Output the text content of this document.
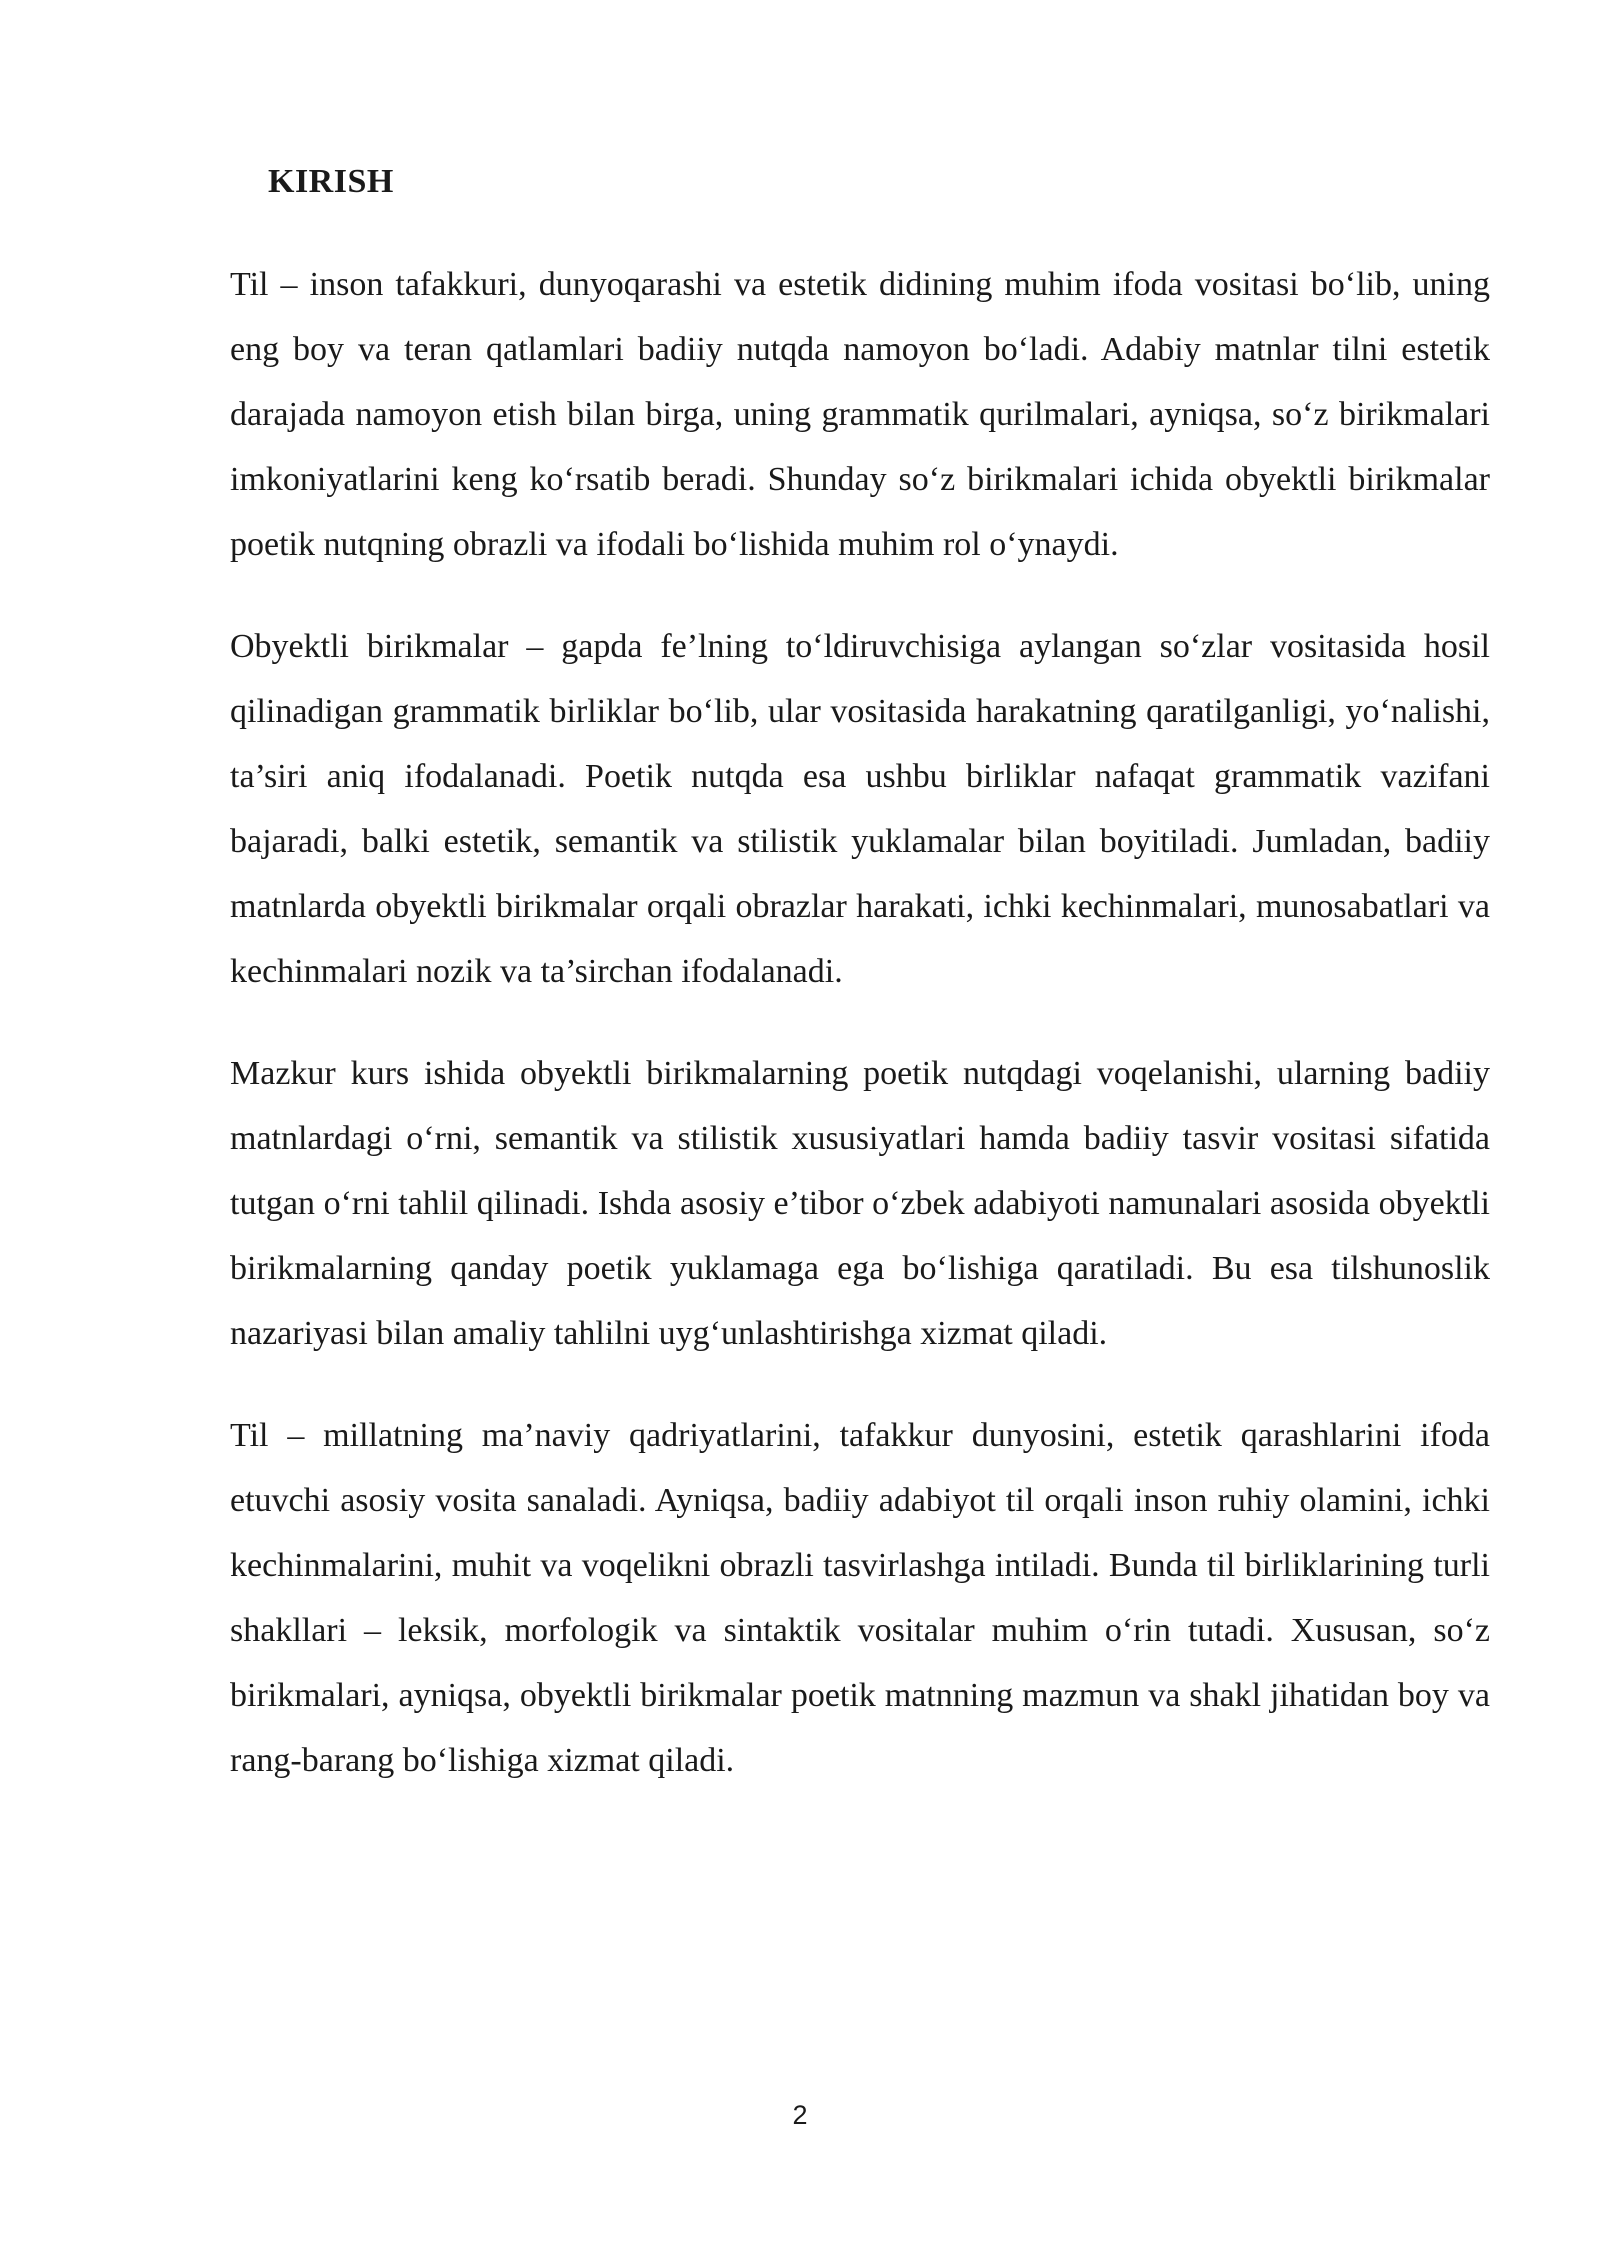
KIRISH

Til – inson tafakkuri, dunyoqarashi va estetik didining muhim ifoda vositasi bo‘lib, uning eng boy va teran qatlamlari badiiy nutqda namoyon bo‘ladi. Adabiy matnlar tilni estetik darajada namoyon etish bilan birga, uning grammatik qurilmalari, ayniqsa, so‘z birikmalari imkoniyatlarini keng ko‘rsatib beradi. Shunday so‘z birikmalari ichida obyektli birikmalar poetik nutqning obrazli va ifodali bo‘lishida muhim rol o‘ynaydi.

Obyektli birikmalar – gapda fe’lning to‘ldiruvchisiga aylangan so‘zlar vositasida hosil qilinadigan grammatik birliklar bo‘lib, ular vositasida harakatning qaratilganligi, yo‘nalishi, ta’siri aniq ifodalanadi. Poetik nutqda esa ushbu birliklar nafaqat grammatik vazifani bajaradi, balki estetik, semantik va stilistik yuklamalar bilan boyitiladi. Jumladan, badiiy matnlarda obyektli birikmalar orqali obrazlar harakati, ichki kechinmalari, munosabatlari va kechinmalari nozik va ta’sirchan ifodalanadi.

Mazkur kurs ishida obyektli birikmalarning poetik nutqdagi voqelanishi, ularning badiiy matnlardagi o‘rni, semantik va stilistik xususiyatlari hamda badiiy tasvir vositasi sifatida tutgan o‘rni tahlil qilinadi. Ishda asosiy e’tibor o‘zbek adabiyoti namunalari asosida obyektli birikmalarning qanday poetik yuklamaga ega bo‘lishiga qaratiladi. Bu esa tilshunoslik nazariyasi bilan amaliy tahlilni uyg‘unlashtirishga xizmat qiladi.

Til – millatning ma’naviy qadriyatlarini, tafakkur dunyosini, estetik qarashlarini ifoda etuvchi asosiy vosita sanaladi. Ayniqsa, badiiy adabiyot til orqali inson ruhiy olamini, ichki kechinmalarini, muhit va voqelikni obrazli tasvirlashga intiladi. Bunda til birliklarining turli shakllari – leksik, morfologik va sintaktik vositalar muhim o‘rin tutadi. Xususan, so‘z birikmalari, ayniqsa, obyektli birikmalar poetik matnning mazmun va shakl jihatidan boy va rang-barang bo‘lishiga xizmat qiladi.

2
